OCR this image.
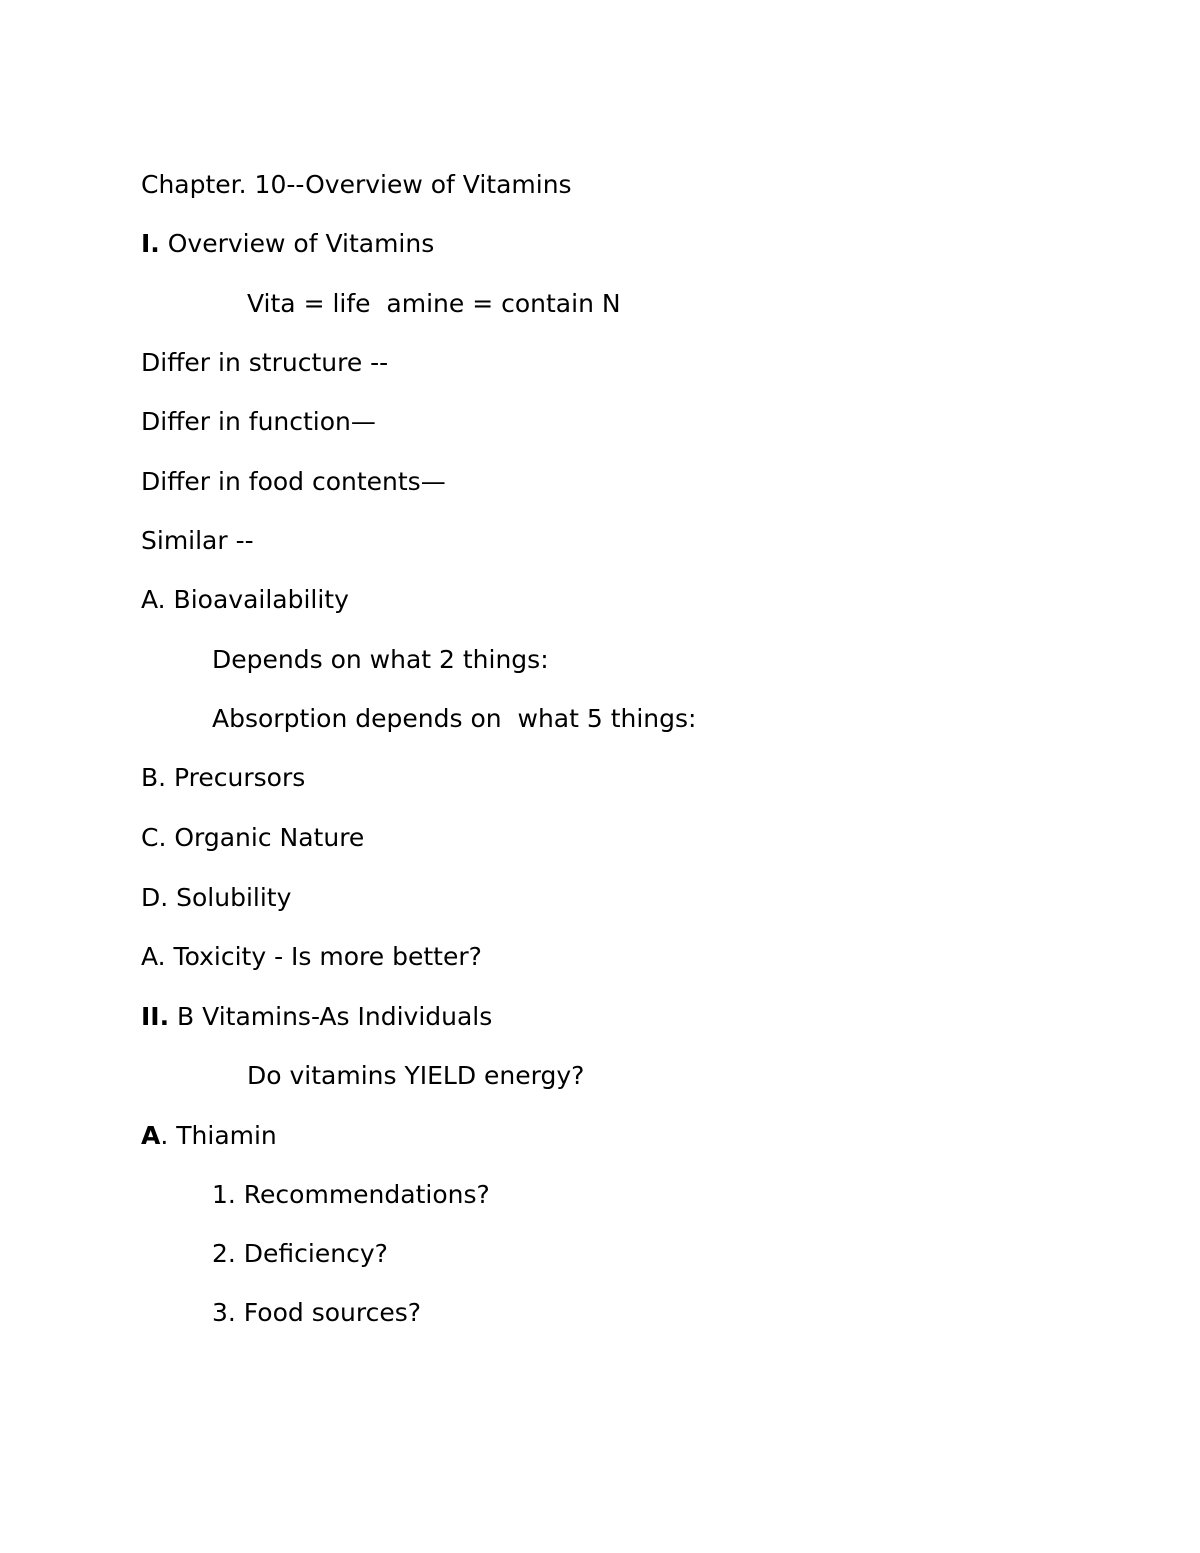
Chapter. 10--Overview of Vitamins
I. Overview of Vitamins
Vita = life  amine = contain N
Differ in structure --
Differ in function—
Differ in food contents—
Similar --
A. Bioavailability
Depends on what 2 things:
Absorption depends on  what 5 things:
B. Precursors
C. Organic Nature
D. Solubility
A. Toxicity - Is more better?
II. B Vitamins-As Individuals
Do vitamins YIELD energy?
A. Thiamin
1. Recommendations?
2. Deficiency?
3. Food sources?
